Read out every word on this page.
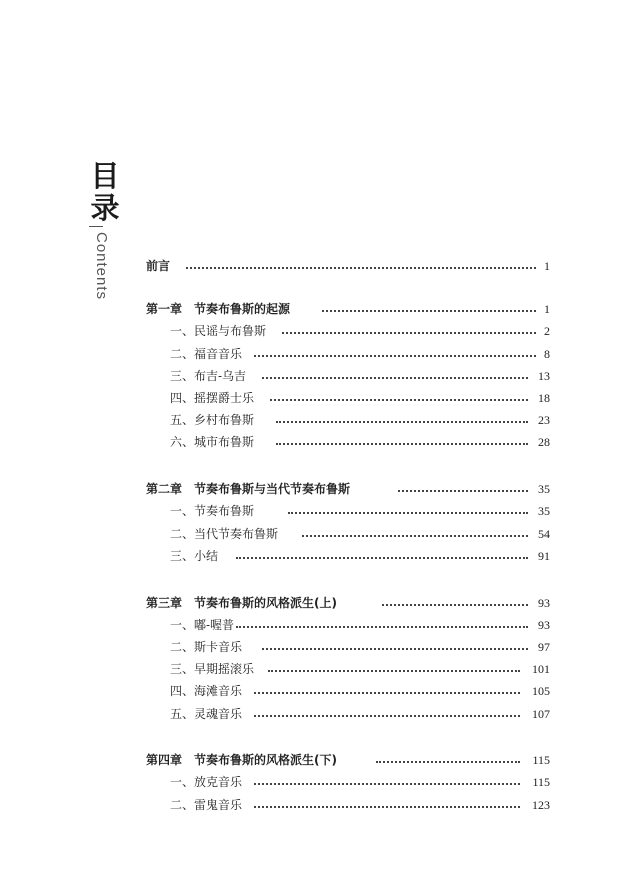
目
录
Contents	前言	1
第一章　节奏布鲁斯的起源	1
一、民谣与布鲁斯	2
二、福音音乐	8
三、布吉-乌吉	13
四、摇摆爵士乐	18
五、乡村布鲁斯	23
六、城市布鲁斯	28
第二章　节奏布鲁斯与当代节奏布鲁斯	35
一、节奏布鲁斯	35
二、当代节奏布鲁斯	54
三、小结	91
第三章　节奏布鲁斯的风格派生(上)	93
一、嘟-喔普	93
二、斯卡音乐	97
三、早期摇滚乐	101
四、海滩音乐	105
五、灵魂音乐	107
第四章　节奏布鲁斯的风格派生(下)	115
一、放克音乐	115
二、雷鬼音乐	123
